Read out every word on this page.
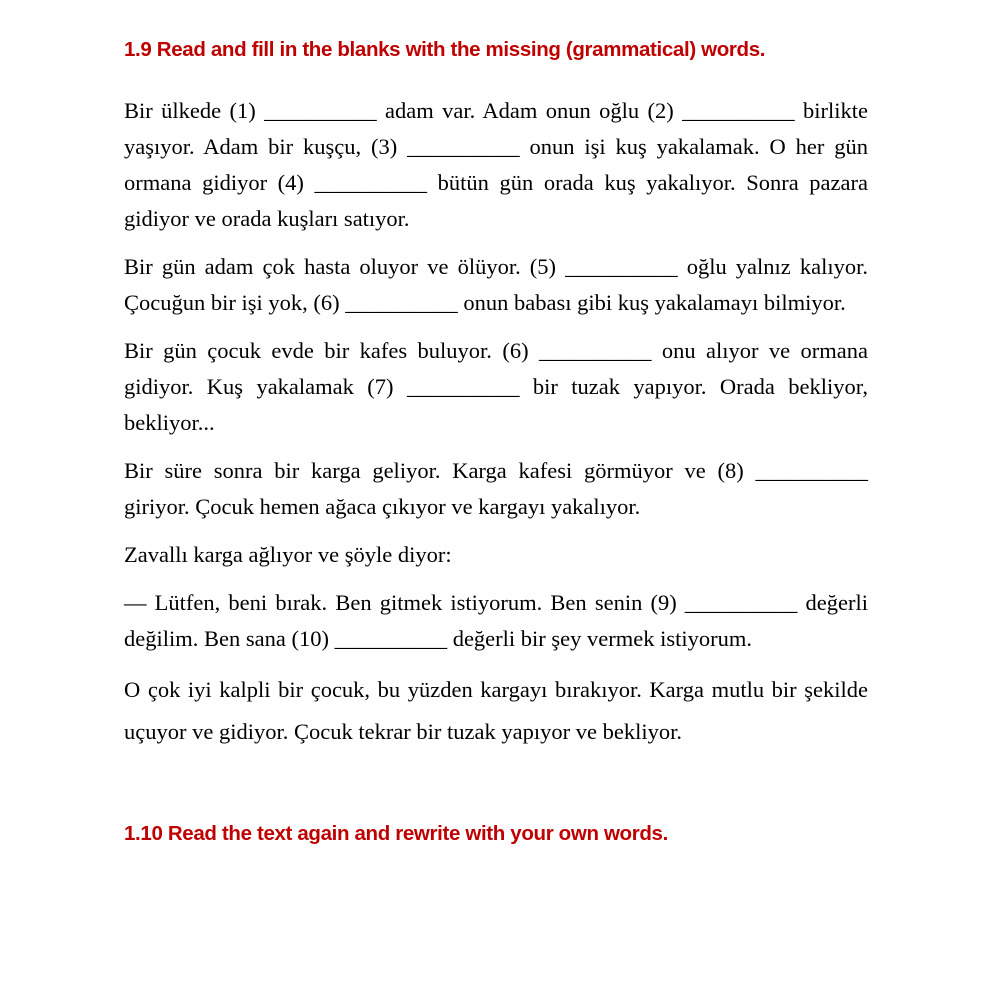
1.9 Read and fill in the blanks with the missing (grammatical) words.

Bir ülkede (1) __________ adam var. Adam onun oğlu (2) __________ birlikte yaşıyor. Adam bir kuşçu, (3) __________ onun işi kuş yakalamak. O her gün ormana gidiyor (4) __________ bütün gün orada kuş yakalıyor. Sonra pazara gidiyor ve orada kuşları satıyor.

Bir gün adam çok hasta oluyor ve ölüyor. (5) __________ oğlu yalnız kalıyor. Çocuğun bir işi yok, (6) __________ onun babası gibi kuş yakalamayı bilmiyor.

Bir gün çocuk evde bir kafes buluyor. (6) __________ onu alıyor ve ormana gidiyor. Kuş yakalamak (7) __________ bir tuzak yapıyor. Orada bekliyor, bekliyor...

Bir süre sonra bir karga geliyor. Karga kafesi görmüyor ve (8) __________ giriyor. Çocuk hemen ağaca çıkıyor ve kargayı yakalıyor.

Zavallı karga ağlıyor ve şöyle diyor:

— Lütfen, beni bırak. Ben gitmek istiyorum. Ben senin (9) __________ değerli değilim. Ben sana (10) __________ değerli bir şey vermek istiyorum.

O çok iyi kalpli bir çocuk, bu yüzden kargayı bırakıyor. Karga mutlu bir şekilde uçuyor ve gidiyor. Çocuk tekrar bir tuzak yapıyor ve bekliyor.

1.10 Read the text again and rewrite with your own words.
